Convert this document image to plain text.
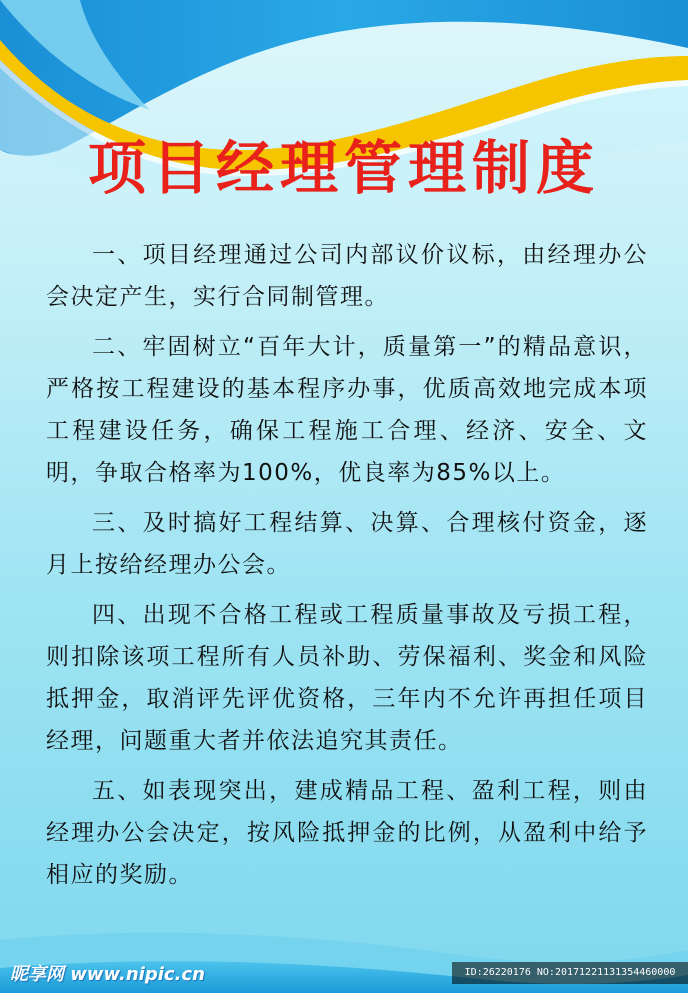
项目经理管理制度

一、项目经理通过公司内部议价议标，由经理办公会决定产生，实行合同制管理。

二、牢固树立“百年大计，质量第一”的精品意识，严格按工程建设的基本程序办事，优质高效地完成本项工程建设任务，确保工程施工合理、经济、安全、文明，争取合格率为100%，优良率为85%以上。

三、及时搞好工程结算、决算、合理核付资金，逐月上按给经理办公会。

四、出现不合格工程或工程质量事故及亏损工程，则扣除该项工程所有人员补助、劳保福利、奖金和风险抵押金，取消评先评优资格，三年内不允许再担任项目经理，问题重大者并依法追究其责任。

五、如表现突出，建成精品工程、盈利工程，则由经理办公会决定，按风险抵押金的比例，从盈利中给予相应的奖励。

昵享网 www.nipic.cn	ID:26220176 NO:20171221131354460000
